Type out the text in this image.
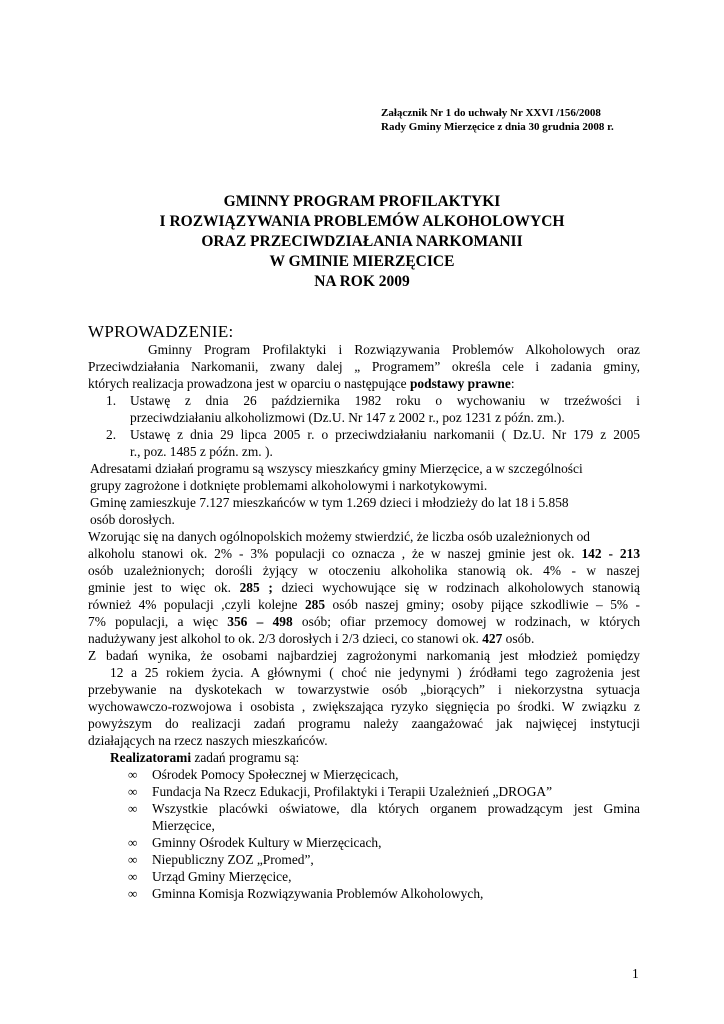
Załącznik Nr 1 do uchwały Nr XXVI /156/2008
Rady Gminy Mierzęcice z dnia 30 grudnia 2008 r.
GMINNY PROGRAM PROFILAKTYKI
I ROZWIĄZYWANIA PROBLEMÓW ALKOHOLOWYCH
ORAZ PRZECIWDZIAŁANIA NARKOMANII
W GMINIE MIERZĘCICE
NA ROK 2009
WPROWADZENIE:
Gminny Program Profilaktyki i Rozwiązywania Problemów Alkoholowych oraz
Przeciwdziałania Narkomanii, zwany dalej „ Programem” określa cele i zadania gminy,
których realizacja prowadzona jest w oparciu o następujące podstawy prawne:
1. Ustawę z dnia 26 października 1982 roku o wychowaniu w trzeźwości i
przeciwdziałaniu alkoholizmowi (Dz.U. Nr 147 z 2002 r., poz 1231 z późn. zm.).
2. Ustawę z dnia 29 lipca 2005 r. o przeciwdziałaniu narkomanii ( Dz.U. Nr 179 z 2005
r., poz. 1485 z późn. zm. ).
Adresatami działań programu są wszyscy mieszkańcy gminy Mierzęcice, a w szczególności
grupy zagrożone i dotknięte problemami alkoholowymi i narkotykowymi.
Gminę zamieszkuje 7.127 mieszkańców w tym 1.269 dzieci i młodzieży do lat 18 i 5.858
osób dorosłych.
Wzorując się na danych ogólnopolskich możemy stwierdzić, że liczba osób uzależnionych od
alkoholu stanowi ok. 2% - 3% populacji co oznacza , że w naszej gminie jest ok. 142 - 213
osób uzależnionych; dorośli żyjący w otoczeniu alkoholika stanowią ok. 4% - w naszej
gminie jest to więc ok. 285 ; dzieci wychowujące się w rodzinach alkoholowych stanowią
również 4% populacji ,czyli kolejne 285 osób naszej gminy; osoby pijące szkodliwie – 5% -
7% populacji, a więc 356 – 498 osób; ofiar przemocy domowej w rodzinach, w których
nadużywany jest alkohol to ok. 2/3 dorosłych i 2/3 dzieci, co stanowi ok. 427 osób.
Z badań wynika, że osobami najbardziej zagrożonymi narkomanią jest młodzież pomiędzy
12 a 25 rokiem życia. A głównymi ( choć nie jedynymi ) źródłami tego zagrożenia jest
przebywanie na dyskotekach w towarzystwie osób „biorących” i niekorzystna sytuacja
wychowawczo-rozwojowa i osobista , zwiększająca ryzyko sięgnięcia po środki. W związku z
powyższym do realizacji zadań programu należy zaangażować jak najwięcej instytucji
działających na rzecz naszych mieszkańców.
Realizatorami zadań programu są:
∞ Ośrodek Pomocy Społecznej w Mierzęcicach,
∞ Fundacja Na Rzecz Edukacji, Profilaktyki i Terapii Uzależnień „DROGA”
∞ Wszystkie placówki oświatowe, dla których organem prowadzącym jest Gmina
Mierzęcice,
∞ Gminny Ośrodek Kultury w Mierzęcicach,
∞ Niepubliczny ZOZ „Promed”,
∞ Urząd Gminy Mierzęcice,
∞ Gminna Komisja Rozwiązywania Problemów Alkoholowych,
1
